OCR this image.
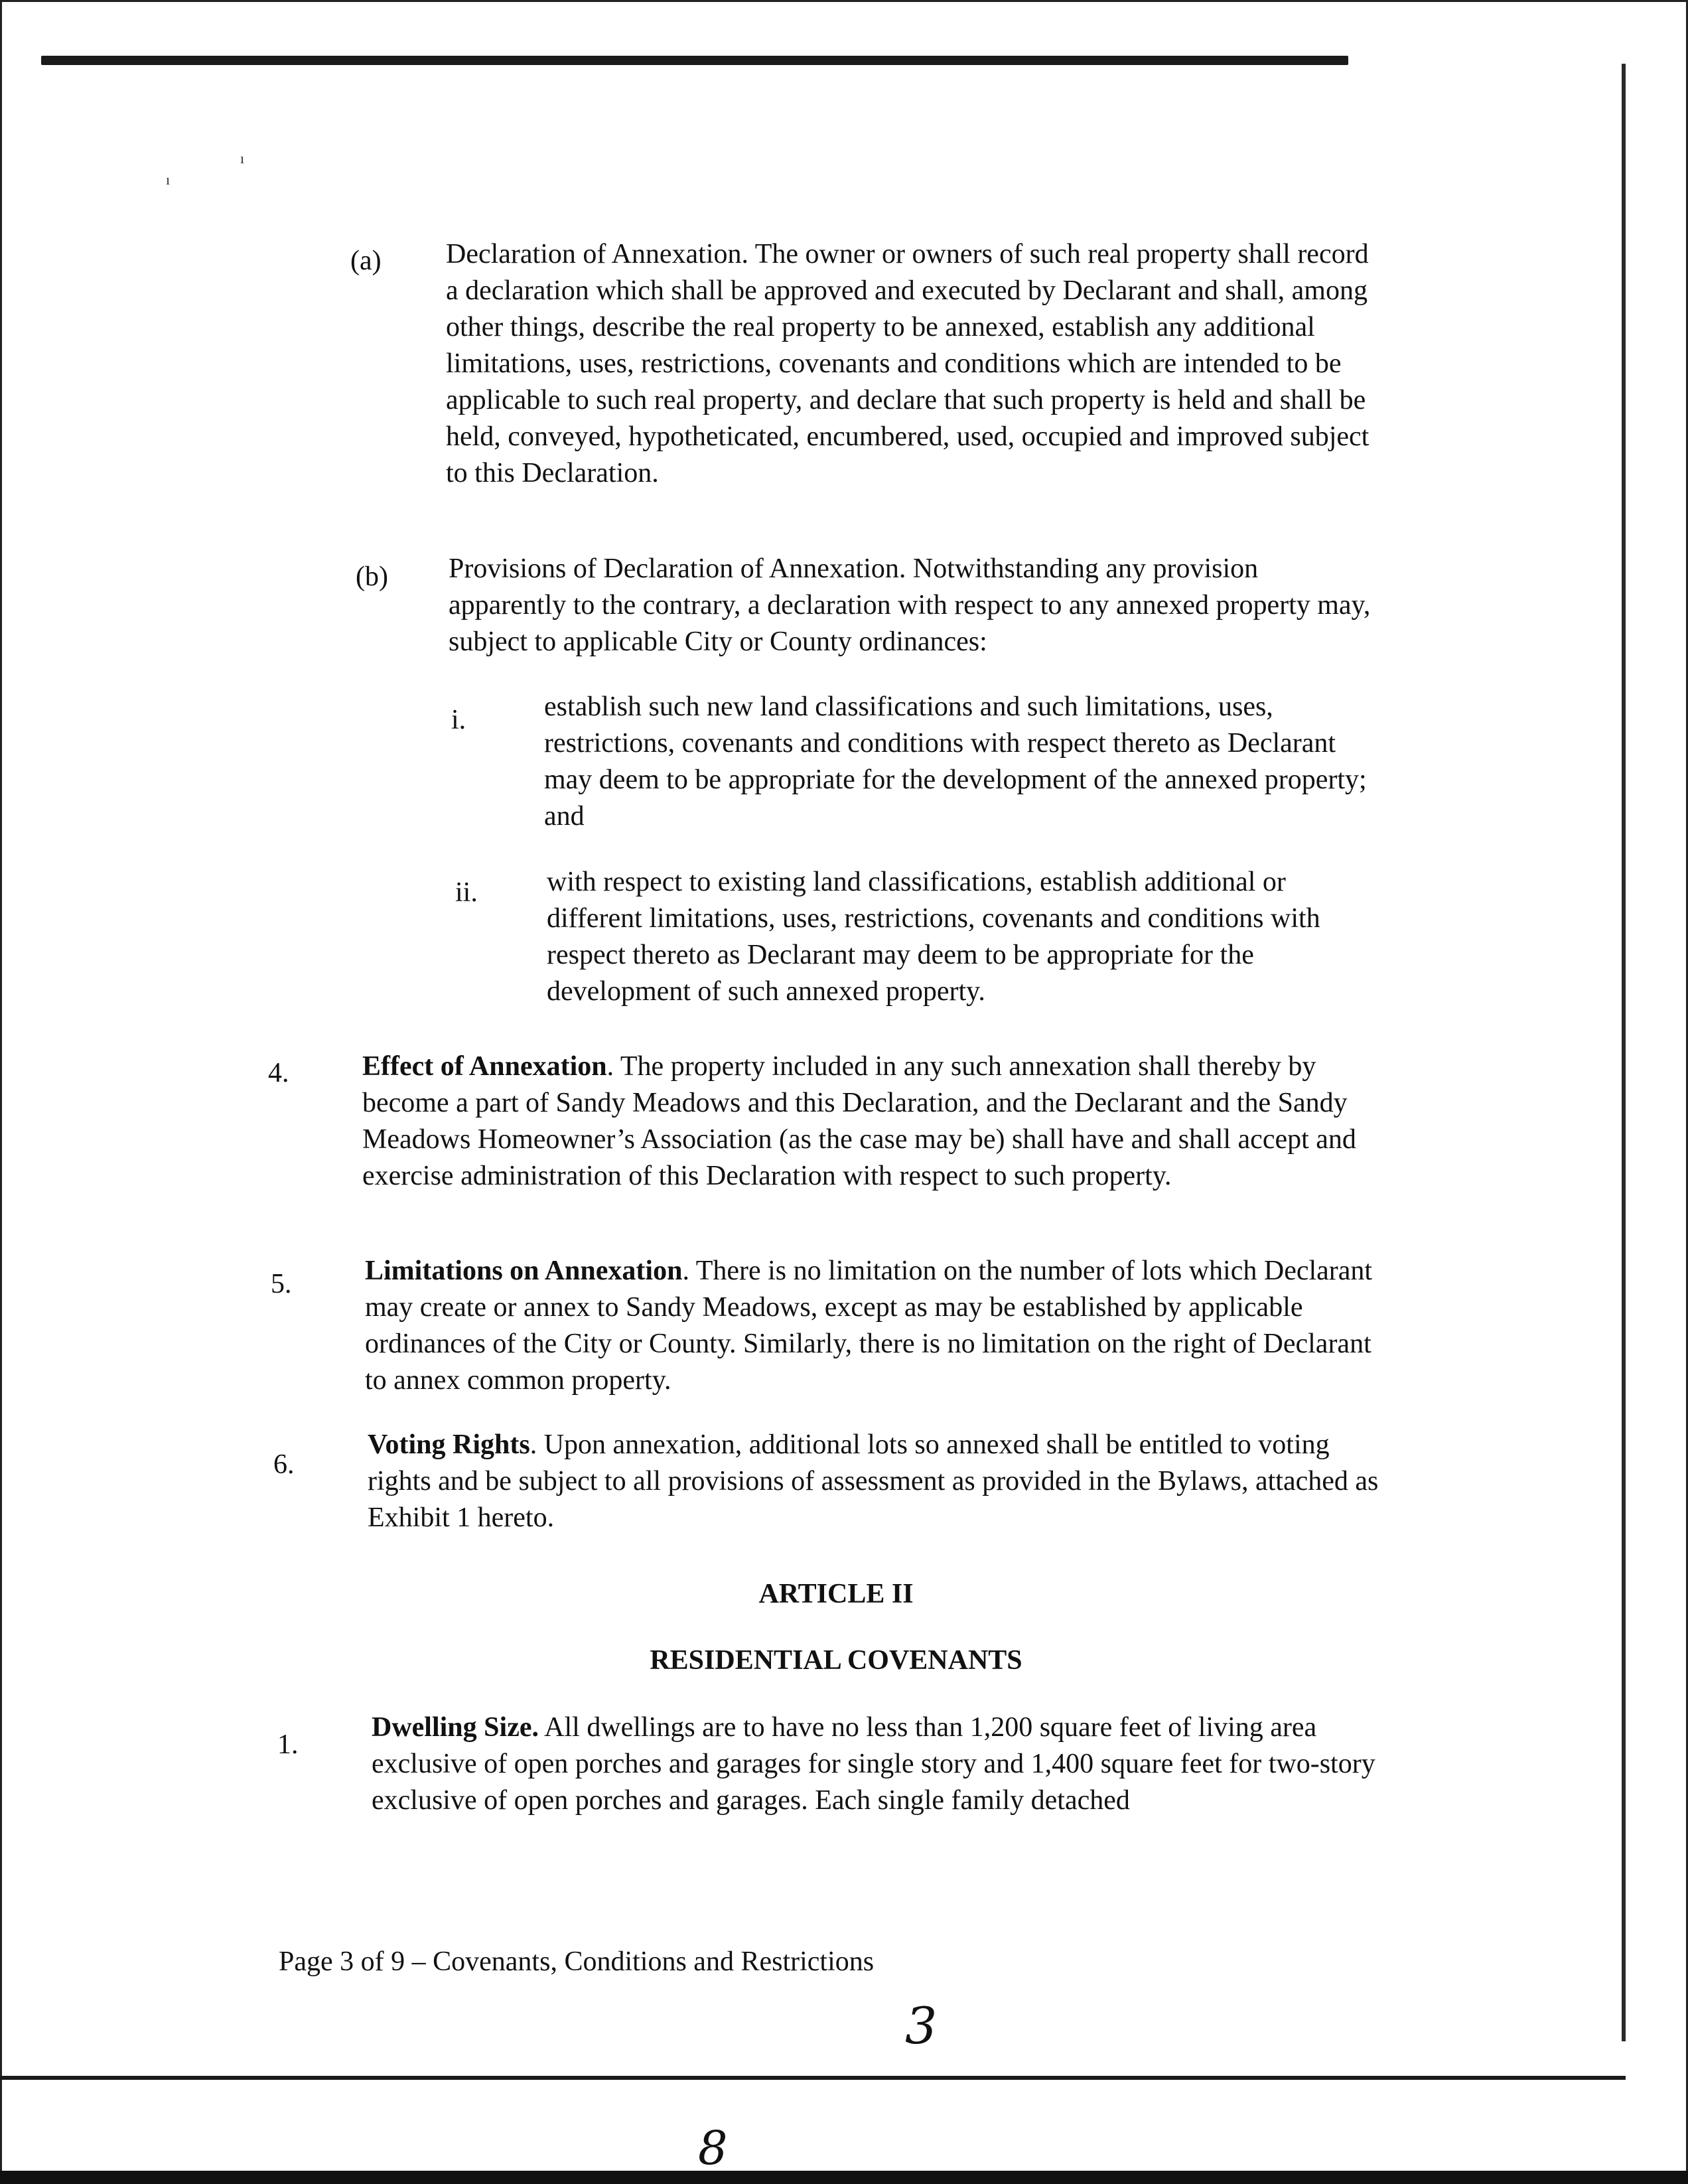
ı
ı
(a) Declaration of Annexation. The owner or owners of such real property shall record a declaration which shall be approved and executed by Declarant and shall, among other things, describe the real property to be annexed, establish any additional limitations, uses, restrictions, covenants and conditions which are intended to be applicable to such real property, and declare that such property is held and shall be held, conveyed, hypotheticated, encumbered, used, occupied and improved subject to this Declaration.
(b) Provisions of Declaration of Annexation. Notwithstanding any provision apparently to the contrary, a declaration with respect to any annexed property may, subject to applicable City or County ordinances:
i.	establish such new land classifications and such limitations, uses, restrictions, covenants and conditions with respect thereto as Declarant may deem to be appropriate for the development of the annexed property; and
ii. with respect to existing land classifications, establish additional or different limitations, uses, restrictions, covenants and conditions with respect thereto as Declarant may deem to be appropriate for the development of such annexed property.
4.	Effect of Annexation. The property included in any such annexation shall thereby by become a part of Sandy Meadows and this Declaration, and the Declarant and the Sandy Meadows Homeowner’s Association (as the case may be) shall have and shall accept and exercise administration of this Declaration with respect to such property.
5.	Limitations on Annexation. There is no limitation on the number of lots which Declarant may create or annex to Sandy Meadows, except as may be established by applicable ordinances of the City or County. Similarly, there is no limitation on the right of Declarant to annex common property.
6.
Voting Rights. Upon annexation, additional lots so annexed shall be entitled to voting rights and be subject to all provisions of assessment as provided in the Bylaws, attached as Exhibit 1 hereto.
ARTICLE II
RESIDENTIAL COVENANTS
1.
Dwelling Size. All dwellings are to have no less than 1,200 square feet of living area exclusive of open porches and garages for single story and 1,400 square feet for two-story exclusive of open porches and garages. Each single family detached
Page 3 of 9 – Covenants, Conditions and Restrictions
3
8
